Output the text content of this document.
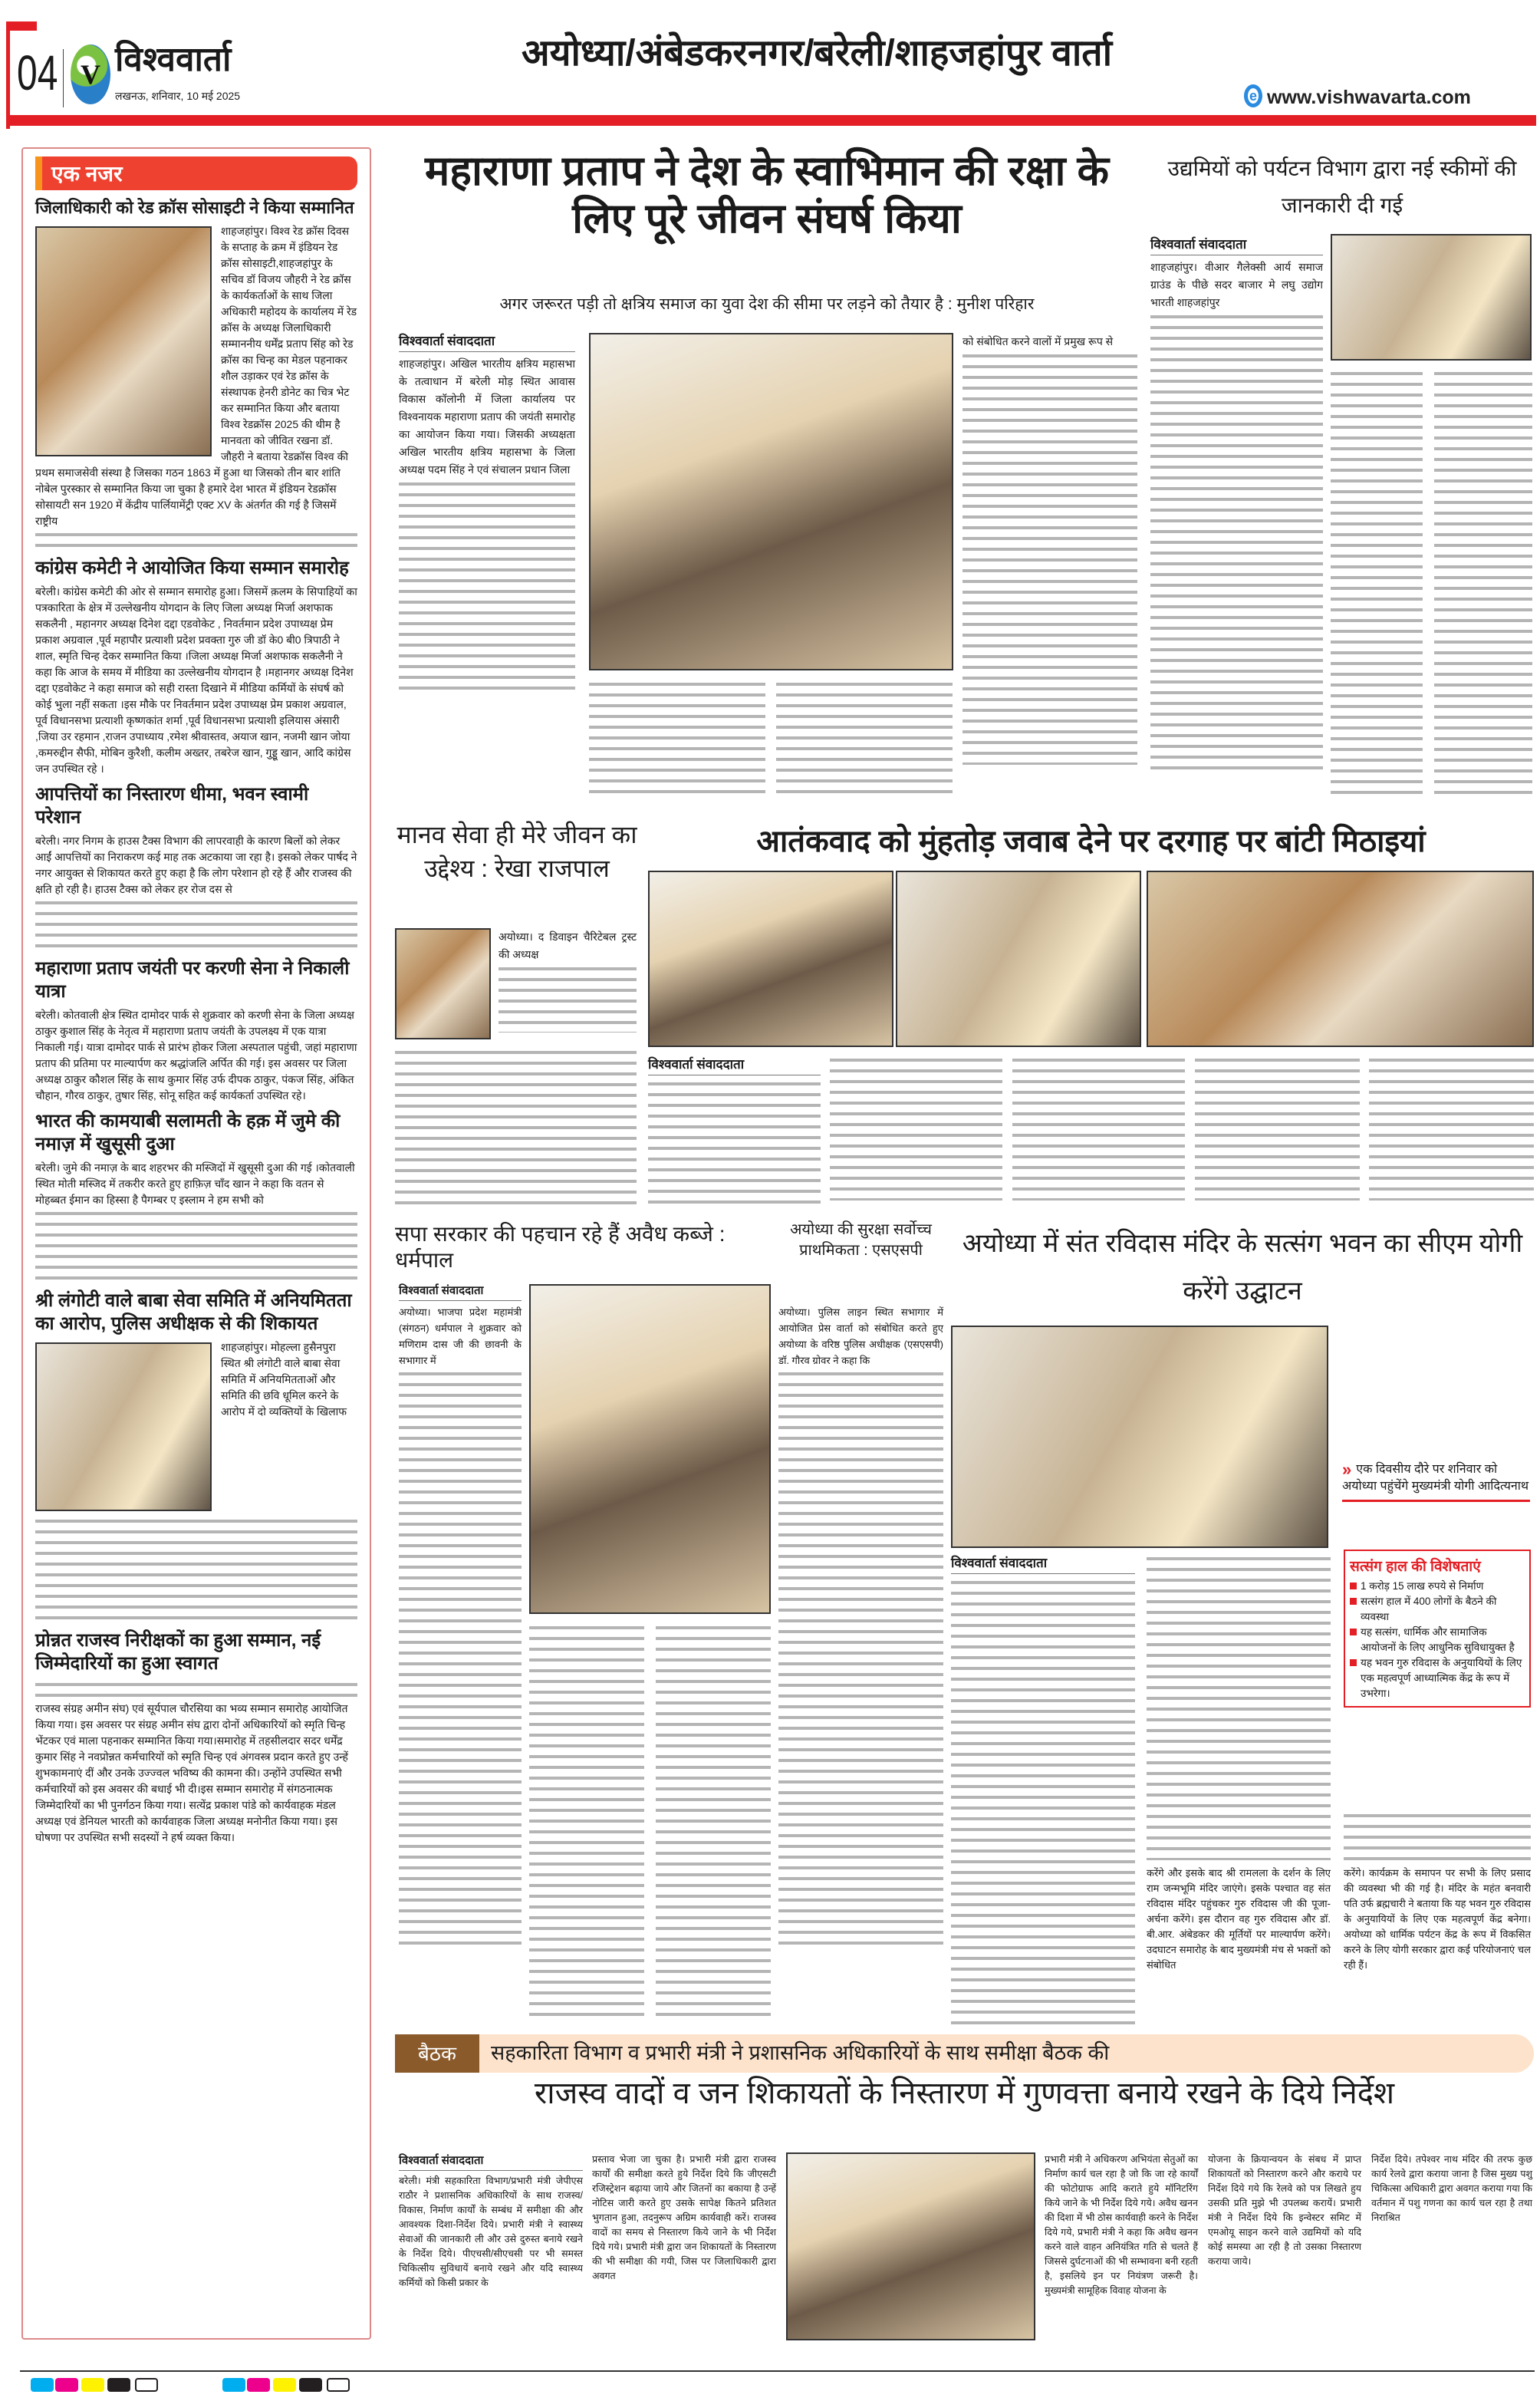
04 V विश्ववार्ता
लखनऊ, शनिवार, 10 मई 2025
अयोध्या/अंबेडकरनगर/बरेली/शाहजहांपुर वार्ता
e www.vishwavarta.com
एक नजर
जिलाधिकारी को रेड क्रॉस सोसाइटी ने किया सम्मानित
शाहजहांपुर। विश्व रेड क्रॉस दिवस के सप्ताह के क्रम में इंडियन रेड क्रॉस सोसाइटी,शाहजहांपुर के सचिव डॉ विजय जौहरी ने रेड क्रॉस के कार्यकर्ताओं के साथ जिला अधिकारी महोदय के कार्यालय में रेड क्रॉस के अध्यक्ष जिलाधिकारी सम्माननीय धर्मेंद्र प्रताप सिंह को रेड क्रॉस का चिन्ह का मेडल पहनाकर शौल उड़ाकर एवं रेड क्रॉस के संस्थापक हेनरी डोनेट का चित्र भेट कर सम्मानित किया और बताया विश्व रेडक्रॉस 2025 की थीम है मानवता को जीवित रखना डॉ. जौहरी ने बताया रेडक्रॉस विश्व की प्रथम समाजसेवी संस्था है जिसका गठन 1863 में हुआ था जिसको तीन बार शांति नोबेल पुरस्कार से सम्मानित किया जा चुका है हमारे देश भारत में इंडियन रेडक्रॉस सोसायटी सन 1920 में केंद्रीय पार्लियामेंट्री एक्ट XV के अंतर्गत की गई है जिसमें राष्ट्रीय
कांग्रेस कमेटी ने आयोजित किया सम्मान समारोह
बरेली। कांग्रेस कमेटी की ओर से सम्मान समारोह हुआ। जिसमें क़लम के सिपाहियों का पत्रकारिता के क्षेत्र में उल्लेखनीय योगदान के लिए जिला अध्यक्ष मिर्जा अशफाक सकलैनी , महानगर अध्यक्ष दिनेश दद्दा एडवोकेट , निवर्तमान प्रदेश उपाध्यक्ष प्रेम प्रकाश अग्रवाल ,पूर्व महापौर प्रत्याशी प्रदेश प्रवक्ता गुरु जी डॉ के0 बी0 त्रिपाठी ने शाल, स्मृति चिन्ह देकर सम्मानित किया ।जिला अध्यक्ष मिर्जा अशफाक सकलैनी ने कहा कि आज के समय में मीडिया का उल्लेखनीय योगदान है ।महानगर अध्यक्ष दिनेश दद्दा एडवोकेट ने कहा समाज को सही रास्ता दिखाने में मीडिया कर्मियों के संघर्ष को कोई भुला नहीं सकता ।इस मौके पर निवर्तमान प्रदेश उपाध्यक्ष प्रेम प्रकाश अग्रवाल, पूर्व विधानसभा प्रत्याशी कृष्णकांत शर्मा ,पूर्व विधानसभा प्रत्याशी इलियास अंसारी ,जिया उर रहमान ,राजन उपाध्याय ,रमेश श्रीवास्तव, अयाज खान, नजमी खान जोया ,कमरुद्दीन सैफी, मोबिन कुरैशी, कलीम अख्तर, तबरेज खान, गुड्डू खान, आदि कांग्रेस जन उपस्थित रहे ।
आपत्तियों का निस्तारण धीमा, भवन स्वामी परेशान
बरेली। नगर निगम के हाउस टैक्स विभाग की लापरवाही के कारण बिलों को लेकर आईं आपत्तियों का निराकरण कई माह तक अटकाया जा रहा है। इसको लेकर पार्षद ने नगर आयुक्त से शिकायत करते हुए कहा है कि लोग परेशान हो रहे हैं और राजस्व की क्षति हो रही है। हाउस टैक्स को लेकर हर रोज दस से
महाराणा प्रताप जयंती पर करणी सेना ने निकाली यात्रा
बरेली। कोतवाली क्षेत्र स्थित दामोदर पार्क से शुक्रवार को करणी सेना के जिला अध्यक्ष ठाकुर कुशाल सिंह के नेतृत्व में महाराणा प्रताप जयंती के उपलक्ष्य में एक यात्रा निकाली गई। यात्रा दामोदर पार्क से प्रारंभ होकर जिला अस्पताल पहुंची, जहां महाराणा प्रताप की प्रतिमा पर माल्यार्पण कर श्रद्धांजलि अर्पित की गई। इस अवसर पर जिला अध्यक्ष ठाकुर कौशल सिंह के साथ कुमार सिंह उर्फ दीपक ठाकुर, पंकज सिंह, अंकित चौहान, गौरव ठाकुर, तुषार सिंह, सोनू सहित कई कार्यकर्ता उपस्थित रहे।
भारत की कामयाबी सलामती के हक़ में जुमे की नमाज़ में खुसूसी दुआ
बरेली। जुमे की नमाज़ के बाद शहरभर की मस्जिदों में खुसूसी दुआ की गई ।कोतवाली स्थित मोती मस्जिद में तकरीर करते हुए हाफ़िज़ चाँद खान ने कहा कि वतन से मोहब्बत ईमान का हिस्सा है पैगम्बर ए इस्लाम ने हम सभी को
श्री लंगोटी वाले बाबा सेवा समिति में अनियमितता का आरोप, पुलिस अधीक्षक से की शिकायत
शाहजहांपुर। मोहल्ला हुसैनपुरा स्थित श्री लंगोटी वाले बाबा सेवा समिति में अनियमितताओं और समिति की छवि धूमिल करने के आरोप में दो व्यक्तियों के खिलाफ
प्रोन्नत राजस्व निरीक्षकों का हुआ सम्मान, नई जिम्मेदारियों का हुआ स्वागत
राजस्व संग्रह अमीन संघ) एवं सूर्यपाल चौरसिया का भव्य सम्मान समारोह आयोजित किया गया। इस अवसर पर संग्रह अमीन संघ द्वारा दोनों अधिकारियों को स्मृति चिन्ह भेंटकर एवं माला पहनाकर सम्मानित किया गया।समारोह में तहसीलदार सदर धर्मेंद्र कुमार सिंह ने नवप्रोन्नत कर्मचारियों को स्मृति चिन्ह एवं अंगवस्त्र प्रदान करते हुए उन्हें शुभकामनाएं दीं और उनके उज्ज्वल भविष्य की कामना की। उन्होंने उपस्थित सभी कर्मचारियों को इस अवसर की बधाई भी दी।इस सम्मान समारोह में संगठनात्मक जिम्मेदारियों का भी पुनर्गठन किया गया। सत्येंद्र प्रकाश पांडे को कार्यवाहक मंडल अध्यक्ष एवं डेनियल भारती को कार्यवाहक जिला अध्यक्ष मनोनीत किया गया। इस घोषणा पर उपस्थित सभी सदस्यों ने हर्ष व्यक्त किया।
महाराणा प्रताप ने देश के स्वाभिमान की रक्षा के लिए पूरे जीवन संघर्ष किया
अगर जरूरत पड़ी तो क्षत्रिय समाज का युवा देश की सीमा पर लड़ने को तैयार है : मुनीश परिहार
विश्ववार्ता संवाददाता
शाहजहांपुर। अखिल भारतीय क्षत्रिय महासभा के तत्वाधान में बरेली मोड़ स्थित आवास विकास कॉलोनी में जिला कार्यालय पर विश्वनायक महाराणा प्रताप की जयंती समारोह का आयोजन किया गया। जिसकी अध्यक्षता अखिल भारतीय क्षत्रिय महासभा के जिला अध्यक्ष पदम सिंह ने एवं संचालन प्रधान जिला
को संबोधित करने वालों में प्रमुख रूप से
उद्यमियों को पर्यटन विभाग द्वारा नई स्कीमों की जानकारी दी गई
विश्ववार्ता संवाददाता
शाहजहांपुर। वीआर गैलेक्सी आर्य समाज ग्राउंड के पीछे सदर बाजार मे लघु उद्योग भारती शाहजहांपुर
मानव सेवा ही मेरे जीवन का उद्देश्य : रेखा राजपाल
अयोध्या। द डिवाइन चैरिटेबल ट्रस्ट की अध्यक्ष
आतंकवाद को मुंहतोड़ जवाब देने पर दरगाह पर बांटी मिठाइयां
विश्ववार्ता संवाददाता
सपा सरकार की पहचान रहे हैं अवैध कब्जे : धर्मपाल
विश्ववार्ता संवाददाता
अयोध्या। भाजपा प्रदेश महामंत्री (संगठन) धर्मपाल ने शुक्रवार को मणिराम दास जी की छावनी के सभागार में
अयोध्या की सुरक्षा सर्वोच्च प्राथमिकता : एसएसपी
अयोध्या। पुलिस लाइन स्थित सभागार में आयोजित प्रेस वार्ता को संबोधित करते हुए अयोध्या के वरिष्ठ पुलिस अधीक्षक (एसएसपी) डॉ. गौरव ग्रोवर ने कहा कि
अयोध्या में संत रविदास मंदिर के सत्संग भवन का सीएम योगी करेंगे उद्घाटन
विश्ववार्ता संवाददाता
» एक दिवसीय दौरे पर शनिवार को अयोध्या पहुंचेंगे मुख्यमंत्री योगी आदित्यनाथ
सत्संग हाल की विशेषताएं
1 करोड़ 15 लाख रुपये से निर्माण
सत्संग हाल में 400 लोगों के बैठने की व्यवस्था
यह सत्संग, धार्मिक और सामाजिक आयोजनों के लिए आधुनिक सुविधायुक्त है
यह भवन गुरु रविदास के अनुयायियों के लिए एक महत्वपूर्ण आध्यात्मिक केंद्र के रूप में उभरेगा।
करेंगे और इसके बाद श्री रामलला के दर्शन के लिए राम जन्मभूमि मंदिर जाएंगे। इसके पश्चात वह संत रविदास मंदिर पहुंचकर गुरु रविदास जी की पूजा-अर्चना करेंगे। इस दौरान वह गुरु रविदास और डॉ. बी.आर. अंबेडकर की मूर्तियों पर माल्यार्पण करेंगे। उदघाटन समारोह के बाद मुख्यमंत्री मंच से भक्तों को संबोधित
करेंगे। कार्यक्रम के समापन पर सभी के लिए प्रसाद की व्यवस्था भी की गई है। मंदिर के महंत बनवारी पति उर्फ ब्रह्मचारी ने बताया कि यह भवन गुरु रविदास के अनुयायियों के लिए एक महत्वपूर्ण केंद्र बनेगा। अयोध्या को धार्मिक पर्यटन केंद्र के रूप में विकसित करने के लिए योगी सरकार द्वारा कई परियोजनाएं चल रही हैं।
बैठक	सहकारिता विभाग व प्रभारी मंत्री ने प्रशासनिक अधिकारियों के साथ समीक्षा बैठक की
राजस्व वादों व जन शिकायतों के निस्तारण में गुणवत्ता बनाये रखने के दिये निर्देश
विश्ववार्ता संवाददाता
बरेली। मंत्री सहकारिता विभाग/प्रभारी मंत्री जेपीएस राठौर ने प्रशासनिक अधिकारियों के साथ राजस्व/विकास, निर्माण कार्यों के सम्बंध में समीक्षा की और आवश्यक दिशा-निर्देश दिये। प्रभारी मंत्री ने स्वास्थ्य सेवाओं की जानकारी ली और उसे दुरुस्त बनाये रखने के निर्देश दिये। पीएचसी/सीएचसी पर भी समस्त चिकित्सीय सुविधायें बनाये रखने और यदि स्वास्थ्य कर्मियों को किसी प्रकार के
प्रस्ताव भेजा जा चुका है। प्रभारी मंत्री द्वारा राजस्व कार्यों की समीक्षा करते हुये निर्देश दिये कि जीएसटी रजिस्ट्रेशन बढ़ाया जाये और जितनों का बकाया है उन्हें नोटिस जारी करते हुए उसके सापेक्ष कितने प्रतिशत भुगतान हुआ, तदनुरूप अग्रिम कार्यवाही करें। राजस्व वादों का समय से निस्तारण किये जाने के भी निर्देश दिये गये। प्रभारी मंत्री द्वारा जन शिकायतों के निस्तारण की भी समीक्षा की गयी, जिस पर जिलाधिकारी द्वारा अवगत
प्रभारी मंत्री ने अधिकरण अभियंता सेतुओं का निर्माण कार्य चल रहा है जो कि जा रहे कार्यों की फोटोग्राफ आदि कराते हुये मॉनिटरिंग किये जाने के भी निर्देश दिये गये। अवैध खनन की दिशा में भी ठोस कार्यवाही करने के निर्देश दिये गये, प्रभारी मंत्री ने कहा कि अवैध खनन करने वाले वाहन अनियंत्रित गति से चलते हैं जिससे दुर्घटनाओं की भी सम्भावना बनी रहती है, इसलिये इन पर नियंत्रण जरूरी है। मुख्यमंत्री सामूहिक विवाह योजना के
योजना के क्रियान्वयन के संबध में प्राप्त शिकायतों को निस्तारण करने और कराये पर निर्देश दिये गये कि रेलवे को पत्र लिखते हुय उसकी प्रति मुझे भी उपलब्ध करायें। प्रभारी मंत्री ने निर्देश दिये कि इन्वेस्टर समिट में एमओयू साइन करने वाले उद्यमियों को यदि कोई समस्या आ रही है तो उसका निस्तारण कराया जाये।
निर्देश दिये। तपेश्वर नाथ मंदिर की तरफ कुछ कार्य रेलवे द्वारा कराया जाना है जिस मुख्य पशु चिकित्सा अधिकारी द्वारा अवगत कराया गया कि वर्तमान में पशु गणना का कार्य चल रहा है तथा निराश्रित
